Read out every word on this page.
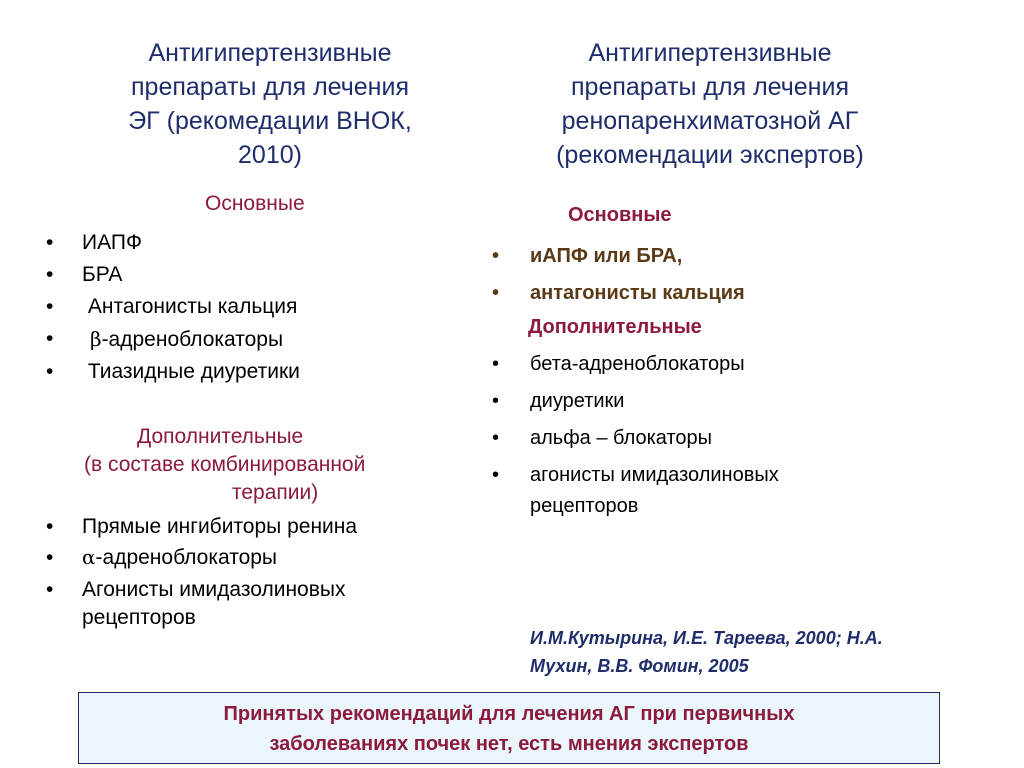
Антигипертензивные
препараты для лечения
ЭГ (рекомедации ВНОК,
2010)
Антигипертензивные
препараты для лечения
ренопаренхиматозной АГ
(рекомендации экспертов)
Основные
• ИАПФ
• БРА
• Антагонисты кальция
• β-адреноблокаторы
• Тиазидные диуретики
Дополнительные
(в составе комбинированной
терапии)
• Прямые ингибиторы ренина
• α-адреноблокаторы
• Агонисты имидазолиновых
рецепторов
Основные
• иАПФ или БРА,
• антагонисты кальция
Дополнительные
• бета-адреноблокаторы
• диуретики
• альфа – блокаторы
• агонисты имидазолиновых
рецепторов
И.М.Кутырина, И.Е. Тареева, 2000; Н.А.
Мухин, В.В. Фомин, 2005
Принятых рекомендаций для лечения АГ при первичных
заболеваниях почек нет, есть мнения экспертов
